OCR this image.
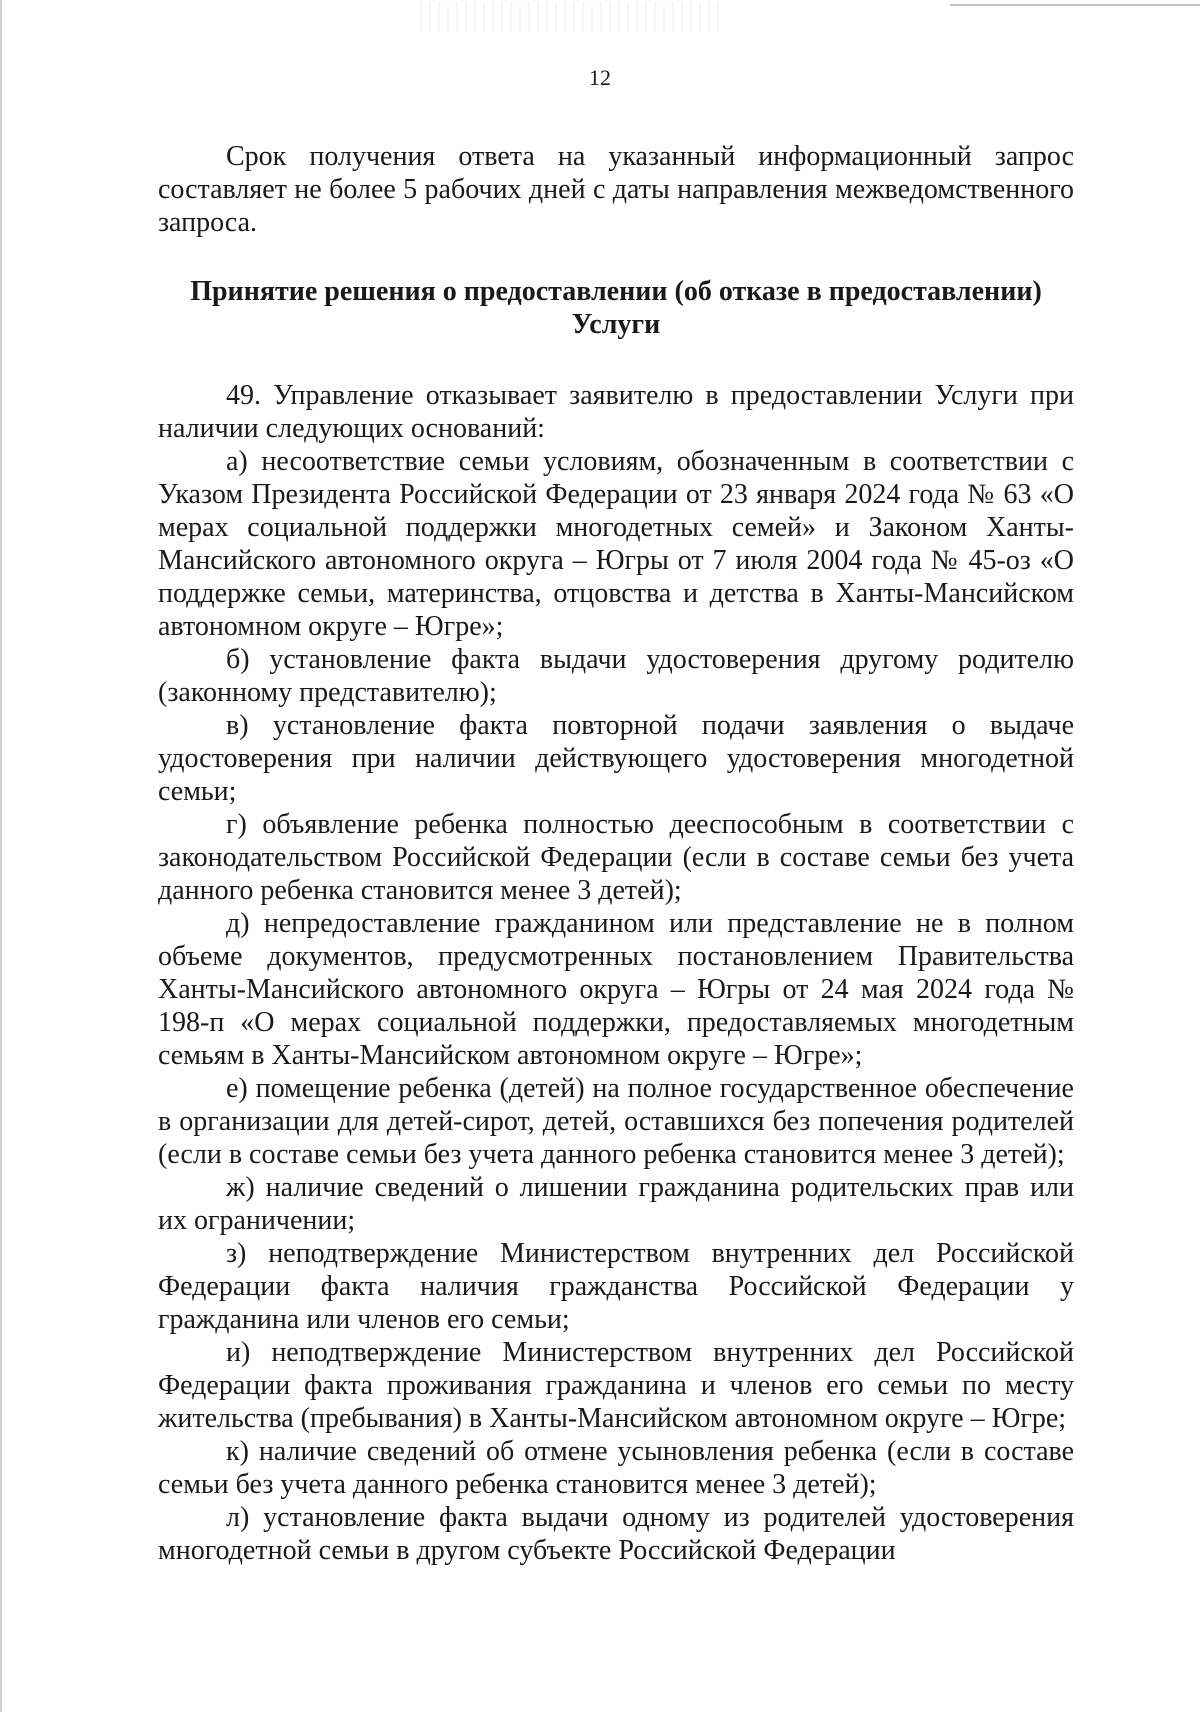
12

Срок получения ответа на указанный информационный запрос составляет не более 5 рабочих дней с даты направления межведомственного запроса.

Принятие решения о предоставлении (об отказе в предоставлении) Услуги

49. Управление отказывает заявителю в предоставлении Услуги при наличии следующих оснований:

а) несоответствие семьи условиям, обозначенным в соответствии с Указом Президента Российской Федерации от 23 января 2024 года № 63 «О мерах социальной поддержки многодетных семей» и Законом Ханты-Мансийского автономного округа – Югры от 7 июля 2004 года № 45-оз «О поддержке семьи, материнства, отцовства и детства в Ханты-Мансийском автономном округе – Югре»;

б) установление факта выдачи удостоверения другому родителю (законному представителю);

в) установление факта повторной подачи заявления о выдаче удостоверения при наличии действующего удостоверения многодетной семьи;

г) объявление ребенка полностью дееспособным в соответствии с законодательством Российской Федерации (если в составе семьи без учета данного ребенка становится менее 3 детей);

д) непредоставление гражданином или представление не в полном объеме документов, предусмотренных постановлением Правительства Ханты-Мансийского автономного округа – Югры от 24 мая 2024 года № 198-п «О мерах социальной поддержки, предоставляемых многодетным семьям в Ханты-Мансийском автономном округе – Югре»;

е) помещение ребенка (детей) на полное государственное обеспечение в организации для детей-сирот, детей, оставшихся без попечения родителей (если в составе семьи без учета данного ребенка становится менее 3 детей);

ж) наличие сведений о лишении гражданина родительских прав или их ограничении;

з) неподтверждение Министерством внутренних дел Российской Федерации факта наличия гражданства Российской Федерации у гражданина или членов его семьи;

и) неподтверждение Министерством внутренних дел Российской Федерации факта проживания гражданина и членов его семьи по месту жительства (пребывания) в Ханты-Мансийском автономном округе – Югре;

к) наличие сведений об отмене усыновления ребенка (если в составе семьи без учета данного ребенка становится менее 3 детей);

л) установление факта выдачи одному из родителей удостоверения многодетной семьи в другом субъекте Российской Федерации
